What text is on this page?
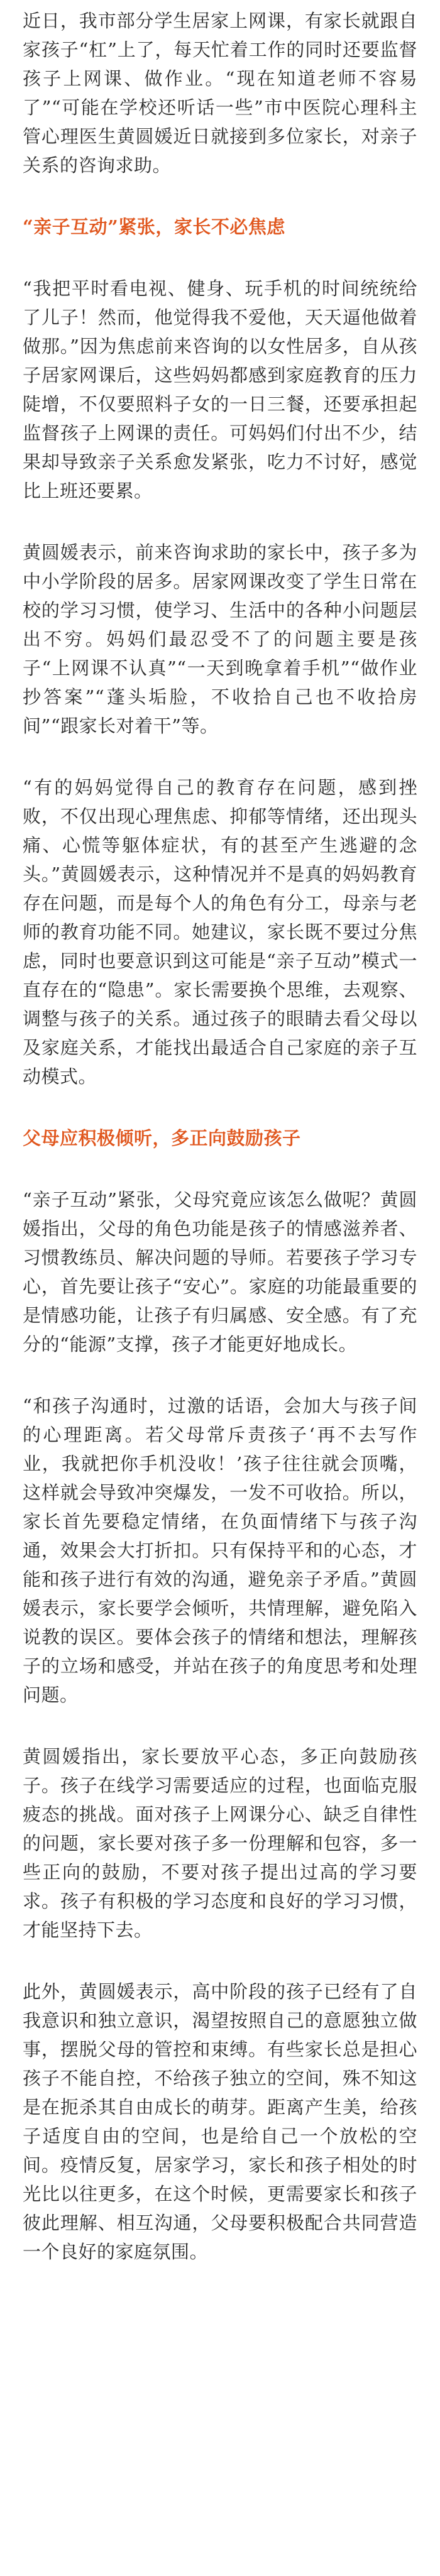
近日，我市部分学生居家上网课，有家长就跟自家孩子“杠”上了，每天忙着工作的同时还要监督孩子上网课、做作业。“现在知道老师不容易了”“可能在学校还听话一些”市中医院心理科主管心理医生黄圆媛近日就接到多位家长，对亲子关系的咨询求助。

“亲子互动”紧张，家长不必焦虑

“我把平时看电视、健身、玩手机的时间统统给了儿子！然而，他觉得我不爱他，天天逼他做着做那。”因为焦虑前来咨询的以女性居多，自从孩子居家网课后，这些妈妈都感到家庭教育的压力陡增，不仅要照料子女的一日三餐，还要承担起监督孩子上网课的责任。可妈妈们付出不少，结果却导致亲子关系愈发紧张，吃力不讨好，感觉比上班还要累。

黄圆媛表示，前来咨询求助的家长中，孩子多为中小学阶段的居多。居家网课改变了学生日常在校的学习习惯，使学习、生活中的各种小问题层出不穷。妈妈们最忍受不了的问题主要是孩子“上网课不认真”“一天到晚拿着手机”“做作业抄答案”“蓬头垢脸，不收拾自己也不收拾房间”“跟家长对着干”等。

“有的妈妈觉得自己的教育存在问题，感到挫败，不仅出现心理焦虑、抑郁等情绪，还出现头痛、心慌等躯体症状，有的甚至产生逃避的念头。”黄圆媛表示，这种情况并不是真的妈妈教育存在问题，而是每个人的角色有分工，母亲与老师的教育功能不同。她建议，家长既不要过分焦虑，同时也要意识到这可能是“亲子互动”模式一直存在的“隐患”。家长需要换个思维，去观察、调整与孩子的关系。通过孩子的眼睛去看父母以及家庭关系，才能找出最适合自己家庭的亲子互动模式。

父母应积极倾听，多正向鼓励孩子

“亲子互动”紧张，父母究竟应该怎么做呢？黄圆媛指出，父母的角色功能是孩子的情感滋养者、习惯教练员、解决问题的导师。若要孩子学习专心，首先要让孩子“安心”。家庭的功能最重要的是情感功能，让孩子有归属感、安全感。有了充分的“能源”支撑，孩子才能更好地成长。

“和孩子沟通时，过激的话语，会加大与孩子间的心理距离。若父母常斥责孩子‘再不去写作业，我就把你手机没收！’孩子往往就会顶嘴，这样就会导致冲突爆发，一发不可收拾。所以，家长首先要稳定情绪，在负面情绪下与孩子沟通，效果会大打折扣。只有保持平和的心态，才能和孩子进行有效的沟通，避免亲子矛盾。”黄圆媛表示，家长要学会倾听，共情理解，避免陷入说教的误区。要体会孩子的情绪和想法，理解孩子的立场和感受，并站在孩子的角度思考和处理问题。

黄圆媛指出，家长要放平心态，多正向鼓励孩子。孩子在线学习需要适应的过程，也面临克服疲态的挑战。面对孩子上网课分心、缺乏自律性的问题，家长要对孩子多一份理解和包容，多一些正向的鼓励，不要对孩子提出过高的学习要求。孩子有积极的学习态度和良好的学习习惯，才能坚持下去。

此外，黄圆媛表示，高中阶段的孩子已经有了自我意识和独立意识，渴望按照自己的意愿独立做事，摆脱父母的管控和束缚。有些家长总是担心孩子不能自控，不给孩子独立的空间，殊不知这是在扼杀其自由成长的萌芽。距离产生美，给孩子适度自由的空间，也是给自己一个放松的空间。疫情反复，居家学习，家长和孩子相处的时光比以往更多，在这个时候，更需要家长和孩子彼此理解、相互沟通，父母要积极配合共同营造一个良好的家庭氛围。
